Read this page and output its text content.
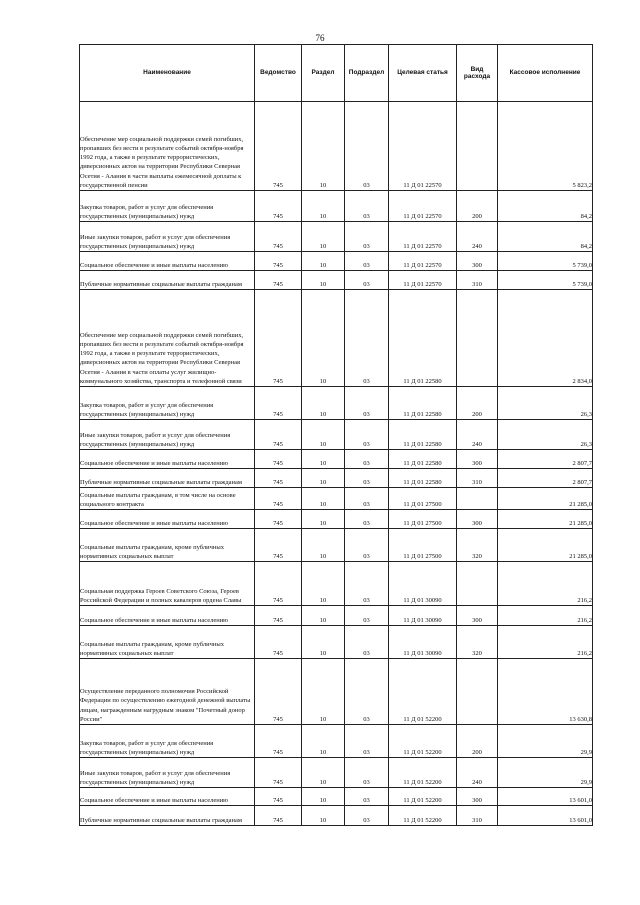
76
Наименование	Ведомство	Раздел	Подраздел	Целевая статья	Вид расхода	Кассовое исполнение

Обеспечение мер социальной поддержки семей погибших, пропавших без вести в результате событий октября-ноября 1992 года, а также в результате террористических, диверсионных актов на территории Республики Северная Осетия - Алания в части выплаты ежемесячной доплаты к государственной пенсии	745	10	03	11 Д 01 22570		5 823,2

Закупка товаров, работ и услуг для обеспечения государственных (муниципальных) нужд	745	10	03	11 Д 01 22570	200	84,2

Иные закупки товаров, работ и услуг для обеспечения государственных (муниципальных) нужд	745	10	03	11 Д 01 22570	240	84,2

Социальное обеспечение и иные выплаты населению	745	10	03	11 Д 01 22570	300	5 739,0

Публичные нормативные социальные выплаты гражданам	745	10	03	11 Д 01 22570	310	5 739,0

Обеспечение мер социальной поддержки семей погибших, пропавших без вести в результате событий октября-ноября 1992 года, а также в результате террористических, диверсионных актов на территории Республики Северная Осетия - Алания в части оплаты услуг жилищно-коммунального хозяйства, транспорта и телефонной связи	745	10	03	11 Д 01 22580		2 834,0

Закупка товаров, работ и услуг для обеспечения государственных (муниципальных) нужд	745	10	03	11 Д 01 22580	200	26,3

Иные закупки товаров, работ и услуг для обеспечения государственных (муниципальных) нужд	745	10	03	11 Д 01 22580	240	26,3

Социальное обеспечение и иные выплаты населению	745	10	03	11 Д 01 22580	300	2 807,7

Публичные нормативные социальные выплаты гражданам	745	10	03	11 Д 01 22580	310	2 807,7

Социальные выплаты гражданам, в том числе на основе социального контракта	745	10	03	11 Д 01 27500		21 285,0

Социальное обеспечение и иные выплаты населению	745	10	03	11 Д 01 27500	300	21 285,0

Социальные выплаты гражданам, кроме публичных нормативных социальных выплат	745	10	03	11 Д 01 27500	320	21 285,0

Социальная поддержка Героев Советского Союза, Героев Российской Федерации и полных кавалеров ордена Славы	745	10	03	11 Д 01 30090		216,2

Социальное обеспечение и иные выплаты населению	745	10	03	11 Д 01 30090	300	216,2

Социальные выплаты гражданам, кроме публичных нормативных социальных выплат	745	10	03	11 Д 01 30090	320	216,2

Осуществление переданного полномочия Российской Федерации по осуществлению ежегодной денежной выплаты лицам, награжденным нагрудным знаком "Почетный донор России"	745	10	03	11 Д 01 52200		13 630,8

Закупка товаров, работ и услуг для обеспечения государственных (муниципальных) нужд	745	10	03	11 Д 01 52200	200	29,9

Иные закупки товаров, работ и услуг для обеспечения государственных (муниципальных) нужд	745	10	03	11 Д 01 52200	240	29,9

Социальное обеспечение и иные выплаты населению	745	10	03	11 Д 01 52200	300	13 601,0

Публичные нормативные социальные выплаты гражданам	745	10	03	11 Д 01 52200	310	13 601,0
